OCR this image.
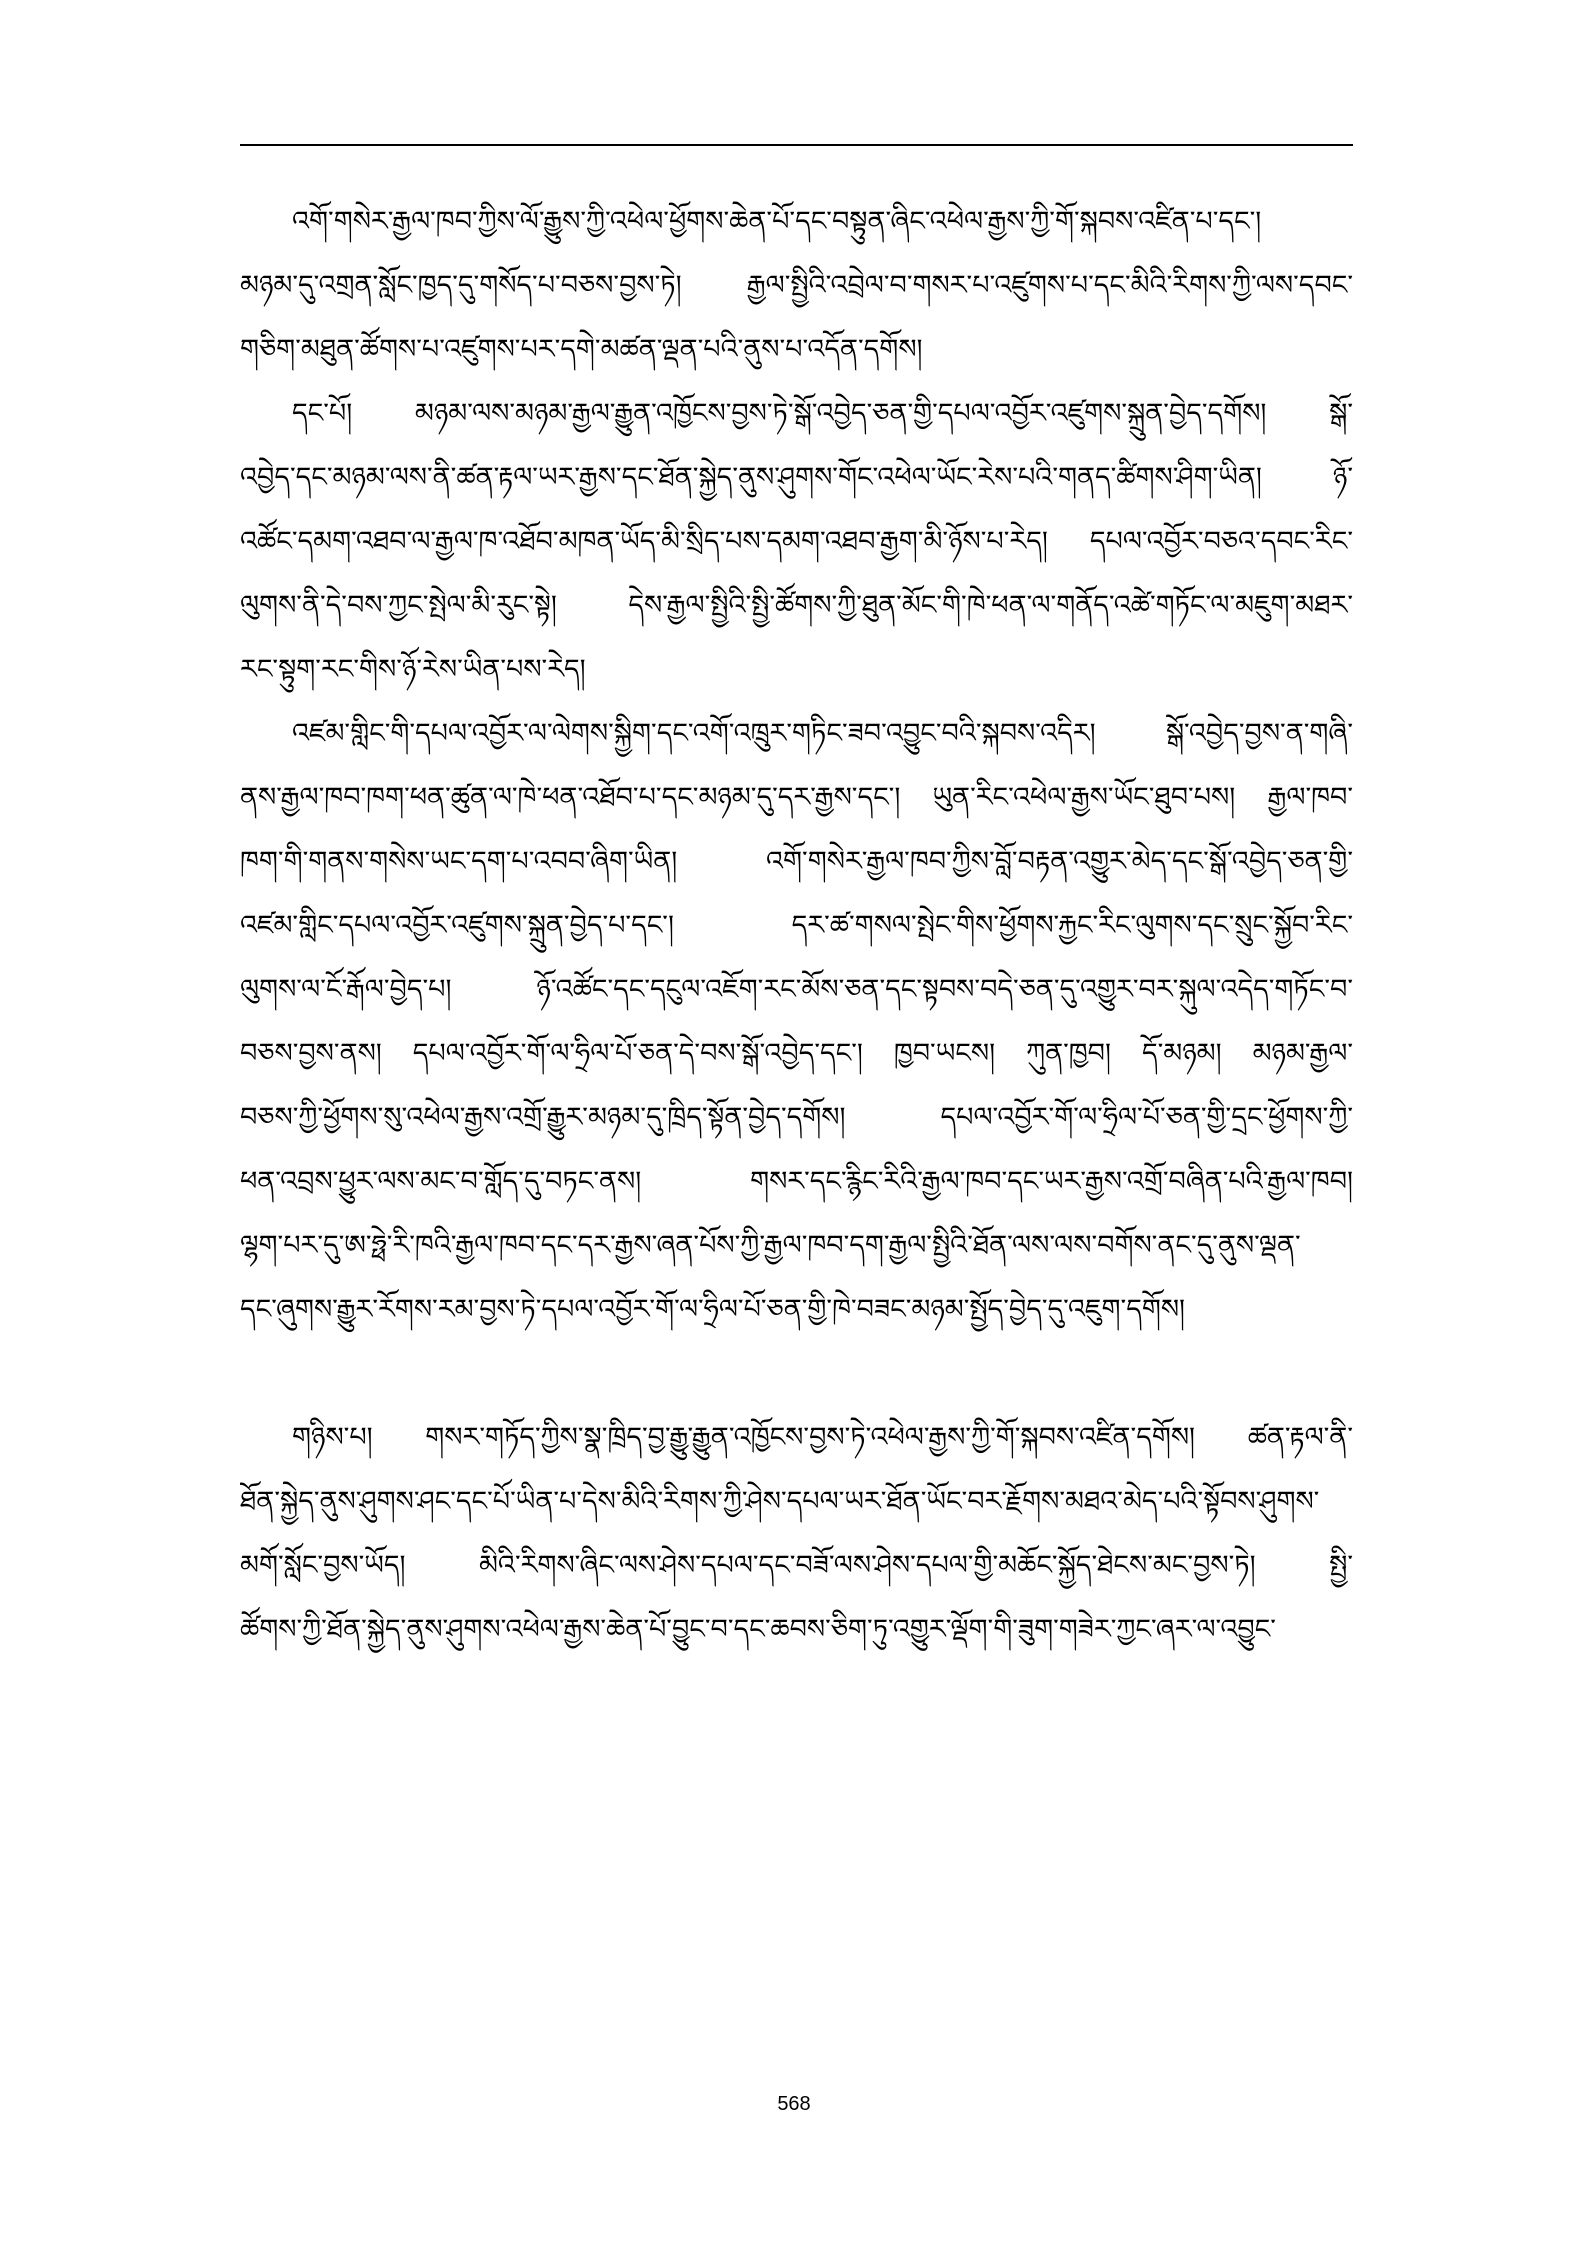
འགོ་གསེར་རྒྱལ་ཁབ་ཀྱིས་ལོ་རྒྱུས་ཀྱི་འཕེལ་ཕྱོགས་ཆེན་པོ་དང་བསྟུན་ཞིང་འཕེལ་རྒྱས་ཀྱི་གོ་སྐབས་འཛིན་པ་དང་།
མཉམ་དུ་འགྲན་སློང་ཁྱད་དུ་གསོད་པ་བཅས་བྱས་ཏེ། རྒྱལ་སྤྱིའི་འབྲེལ་བ་གསར་པ་འཛུགས་པ་དང་མིའི་རིགས་ཀྱི་ལས་དབང་
གཅིག་མཐུན་ཚོགས་པ་འཛུགས་པར་དགེ་མཚན་ལྡན་པའི་ནུས་པ་འདོན་དགོས།
དང་པོ། མཉམ་ལས་མཉམ་རྒྱལ་རྒྱུན་འཁྱོངས་བྱས་ཏེ་སྒོ་འབྱེད་ཅན་གྱི་དཔལ་འབྱོར་འཛུགས་སྐྲུན་བྱེད་དགོས། སྒོ་
འབྱེད་དང་མཉམ་ལས་ནི་ཚན་རྟལ་ཡར་རྒྱས་དང་ཐོན་སྐྱེད་ནུས་ཤུགས་གོང་འཕེལ་ཡོང་རེས་པའི་གནད་ཚིགས་ཤིག་ཡིན། ཉོ་
འཚོང་དམག་འཐབ་ལ་རྒྱལ་ཁ་འཐོབ་མཁན་ཡོད་མི་སྲིད་པས་དམག་འཐབ་རྒྱག་མི་ཉོས་པ་རེད། དཔལ་འབྱོར་བཅའ་དབང་རིང་
ལུགས་ནི་དེ་བས་ཀྱང་སྤེལ་མི་རུང་སྟེ། དེས་རྒྱལ་སྤྱིའི་སྤྱི་ཚོགས་ཀྱི་ཐུན་མོང་གི་ཁེ་ཕན་ལ་གནོད་འཚེ་གཏོང་ལ་མཇུག་མཐར་
རང་སྟུག་རང་གིས་ཉོ་རེས་ཡིན་པས་རེད།
འཛམ་གླིང་གི་དཔལ་འབྱོར་ལ་ལེགས་སྐྱིག་དང་འགོ་འཁྲུར་གཏིང་ཟབ་འབྱུང་བའི་སྐབས་འདིར། སྒོ་འབྱེད་བྱས་ན་གཞི་
ནས་རྒྱལ་ཁབ་ཁག་ཕན་ཚུན་ལ་ཁེ་ཕན་འཐོབ་པ་དང་མཉམ་དུ་དར་རྒྱས་དང་། ཡུན་རིང་འཕེལ་རྒྱས་ཡོང་ཐུབ་པས། རྒྱལ་ཁབ་
ཁག་གི་གནས་གསེས་ཡང་དག་པ་འབབ་ཞིག་ཡིན། འགོ་གསེར་རྒྱལ་ཁབ་ཀྱིས་བློ་བརྟན་འགྱུར་མེད་དང་སྒོ་འབྱེད་ཅན་གྱི་
འཛམ་གླིང་དཔལ་འབྱོར་འཛུགས་སྐྲུན་བྱེད་པ་དང་། དར་ཚ་གསལ་སྤེང་གིས་ཕྱོགས་རྐྱང་རིང་ལུགས་དང་སྲུང་སྐྱོབ་རིང་
ལུགས་ལ་ངོ་རྒོལ་བྱེད་པ། ཉོ་འཚོང་དང་དངུལ་འཇོག་རང་མོས་ཅན་དང་སྟབས་བདེ་ཅན་དུ་འགྱུར་བར་སྐུལ་འདེད་གཏོང་བ་
བཅས་བྱས་ནས། དཔལ་འབྱོར་གོ་ལ་ཧྲིལ་པོ་ཅན་དེ་བས་སྒོ་འབྱེད་དང་། ཁྱབ་ཡངས། ཀུན་ཁྱབ། དོ་མཉམ། མཉམ་རྒྱལ་
བཅས་ཀྱི་ཕྱོགས་སུ་འཕེལ་རྒྱས་འགྲོ་རྒྱུར་མཉམ་དུ་ཁྲིད་སྟོན་བྱེད་དགོས། དཔལ་འབྱོར་གོ་ལ་ཧྲིལ་པོ་ཅན་གྱི་དྲང་ཕྱོགས་ཀྱི་
ཕན་འབྲས་ཕྱུར་ལས་མང་བ་གློད་དུ་བཏང་ནས། གསར་དང་རྙིང་རིའི་རྒྱལ་ཁབ་དང་ཡར་རྒྱས་འགྲོ་བཞིན་པའི་རྒྱལ་ཁབ།
ལྷག་པར་དུ་ཨ་ཧྥེ་རི་ཁའི་རྒྱལ་ཁབ་དང་དར་རྒྱས་ཞན་པོས་ཀྱི་རྒྱལ་ཁབ་དག་རྒྱལ་སྤྱིའི་ཐོན་ལས་ལས་བགོས་ནང་དུ་ནུས་ལྡན་
དང་ཞུགས་རྒྱུར་རོགས་རམ་བྱས་ཏེ་དཔལ་འབྱོར་གོ་ལ་ཧྲིལ་པོ་ཅན་གྱི་ཁེ་བཟང་མཉམ་སྤྱོད་བྱེད་དུ་འཇུག་དགོས།
གཉིས་པ། གསར་གཏོད་ཀྱིས་སྣ་ཁྲིད་བྱ་རྒྱུ་རྒྱུན་འཁྱོངས་བྱས་ཏེ་འཕེལ་རྒྱས་ཀྱི་གོ་སྐབས་འཛིན་དགོས། ཚན་རྟལ་ནི་
ཐོན་སྐྱེད་ནུས་ཤུགས་ཤང་དང་པོ་ཡིན་པ་དེས་མིའི་རིགས་ཀྱི་ཤེས་དཔལ་ཡར་ཐོན་ཡོང་བར་རྗོགས་མཐའ་མེད་པའི་སྟོབས་ཤུགས་
མགོ་སློང་བྱས་ཡོད། མིའི་རིགས་ཞིང་ལས་ཤེས་དཔལ་དང་བཟོ་ལས་ཤེས་དཔལ་གྱི་མཆོང་སྐྱོད་ཐེངས་མང་བྱས་ཏེ། སྤྱི་
ཚོགས་ཀྱི་ཐོན་སྐྱེད་ནུས་ཤུགས་འཕེལ་རྒྱས་ཆེན་པོ་བྱུང་བ་དང་ཆབས་ཅིག་ཏུ་འགྱུར་ལྡོག་གི་ཟུག་གཟེར་ཀྱང་ཞར་ལ་འབྱུང་
568
